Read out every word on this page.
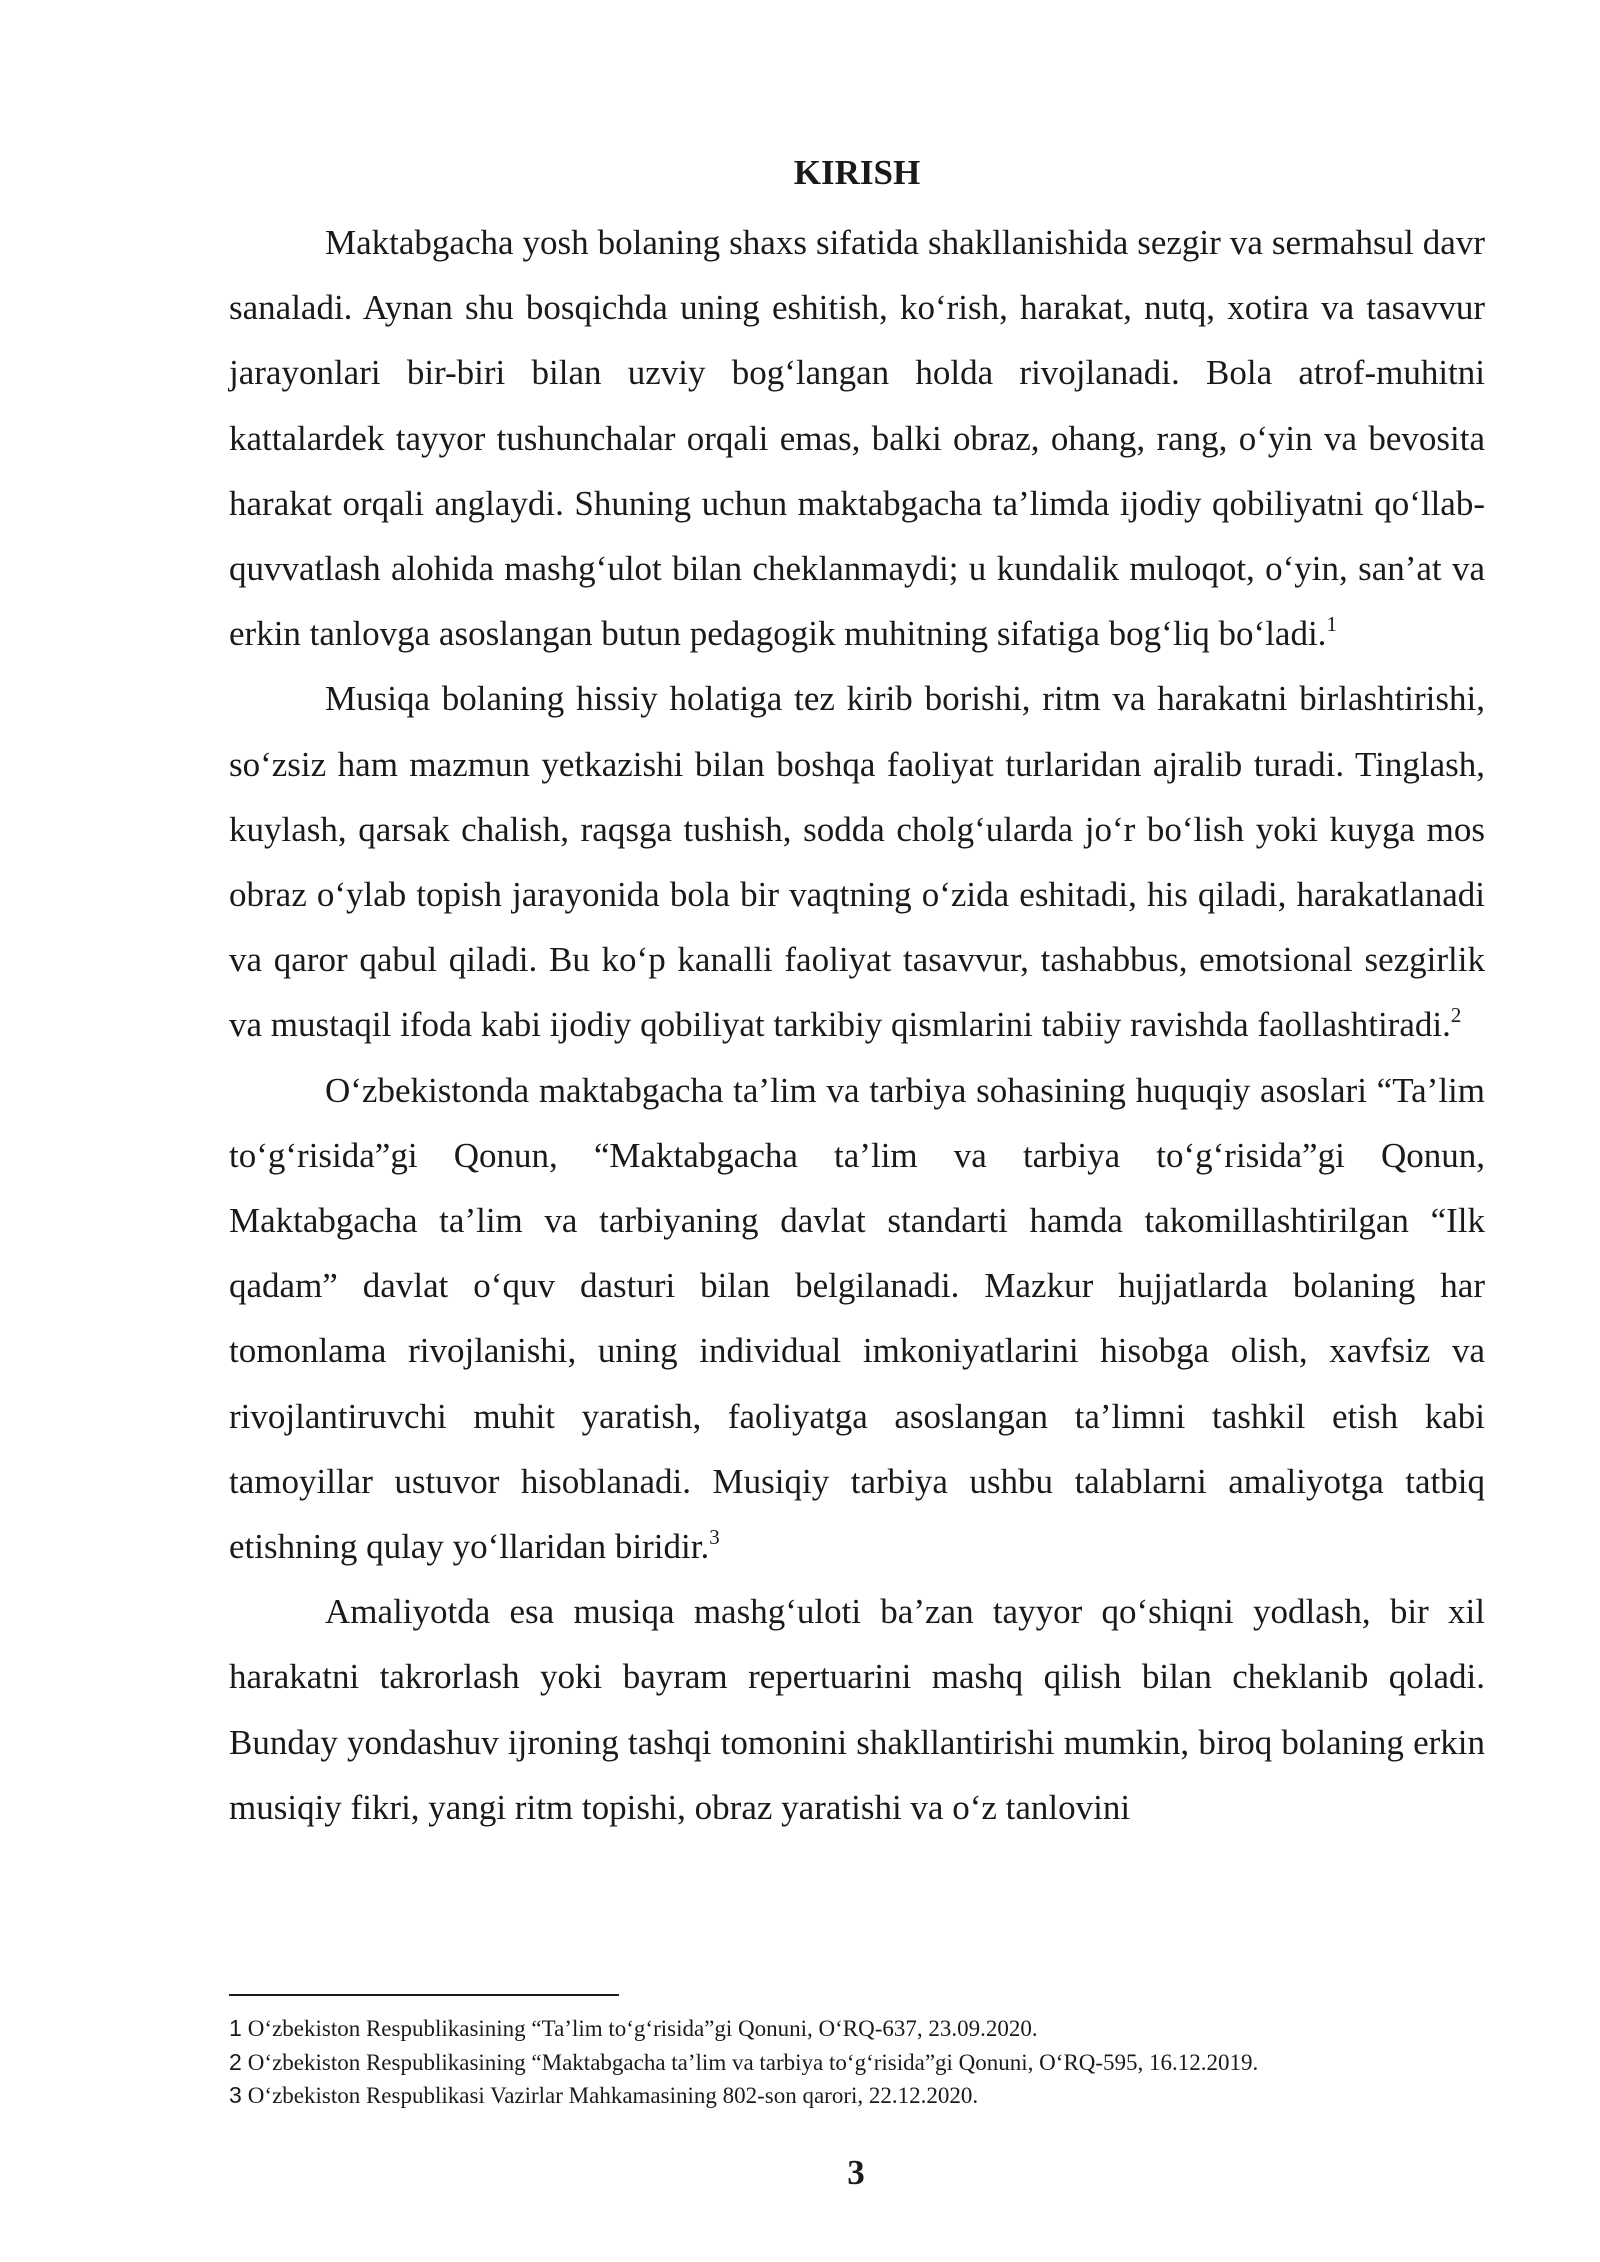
KIRISH

Maktabgacha yosh bolaning shaxs sifatida shakllanishida sezgir va sermahsul davr sanaladi. Aynan shu bosqichda uning eshitish, ko‘rish, harakat, nutq, xotira va tasavvur jarayonlari bir-biri bilan uzviy bog‘langan holda rivojlanadi. Bola atrof-muhitni kattalardek tayyor tushunchalar orqali emas, balki obraz, ohang, rang, o‘yin va bevosita harakat orqali anglaydi. Shuning uchun maktabgacha ta’limda ijodiy qobiliyatni qo‘llab-quvvatlash alohida mashg‘ulot bilan cheklanmaydi; u kundalik muloqot, o‘yin, san’at va erkin tanlovga asoslangan butun pedagogik muhitning sifatiga bog‘liq bo‘ladi.$^1$

Musiqa bolaning hissiy holatiga tez kirib borishi, ritm va harakatni birlashtirishi, so‘zsiz ham mazmun yetkazishi bilan boshqa faoliyat turlaridan ajralib turadi. Tinglash, kuylash, qarsak chalish, raqsga tushish, sodda cholg‘ularda jo‘r bo‘lish yoki kuyga mos obraz o‘ylab topish jarayonida bola bir vaqtning o‘zida eshitadi, his qiladi, harakatlanadi va qaror qabul qiladi. Bu ko‘p kanalli faoliyat tasavvur, tashabbus, emotsional sezgirlik va mustaqil ifoda kabi ijodiy qobiliyat tarkibiy qismlarini tabiiy ravishda faollashtiradi.$^2$

O‘zbekistonda maktabgacha ta’lim va tarbiya sohasining huquqiy asoslari “Ta’lim to‘g‘risida”gi Qonun, “Maktabgacha ta’lim va tarbiya to‘g‘risida”gi Qonun, Maktabgacha ta’lim va tarbiyaning davlat standarti hamda takomillashtirilgan “Ilk qadam” davlat o‘quv dasturi bilan belgilanadi. Mazkur hujjatlarda bolaning har tomonlama rivojlanishi, uning individual imkoniyatlarini hisobga olish, xavfsiz va rivojlantiruvchi muhit yaratish, faoliyatga asoslangan ta’limni tashkil etish kabi tamoyillar ustuvor hisoblanadi. Musiqiy tarbiya ushbu talablarni amaliyotga tatbiq etishning qulay yo‘llaridan biridir.$^3$

Amaliyotda esa musiqa mashg‘uloti ba’zan tayyor qo‘shiqni yodlash, bir xil harakatni takrorlash yoki bayram repertuarini mashq qilish bilan cheklanib qoladi. Bunday yondashuv ijroning tashqi tomonini shakllantirishi mumkin, biroq bolaning erkin musiqiy fikri, yangi ritm topishi, obraz yaratishi va o‘z tanlovini

1 O‘zbekiston Respublikasining “Ta’lim to‘g‘risida”gi Qonuni, O‘RQ-637, 23.09.2020.

2 O‘zbekiston Respublikasining “Maktabgacha ta’lim va tarbiya to‘g‘risida”gi Qonuni, O‘RQ-595, 16.12.2019.

3 O‘zbekiston Respublikasi Vazirlar Mahkamasining 802-son qarori, 22.12.2020.

3
